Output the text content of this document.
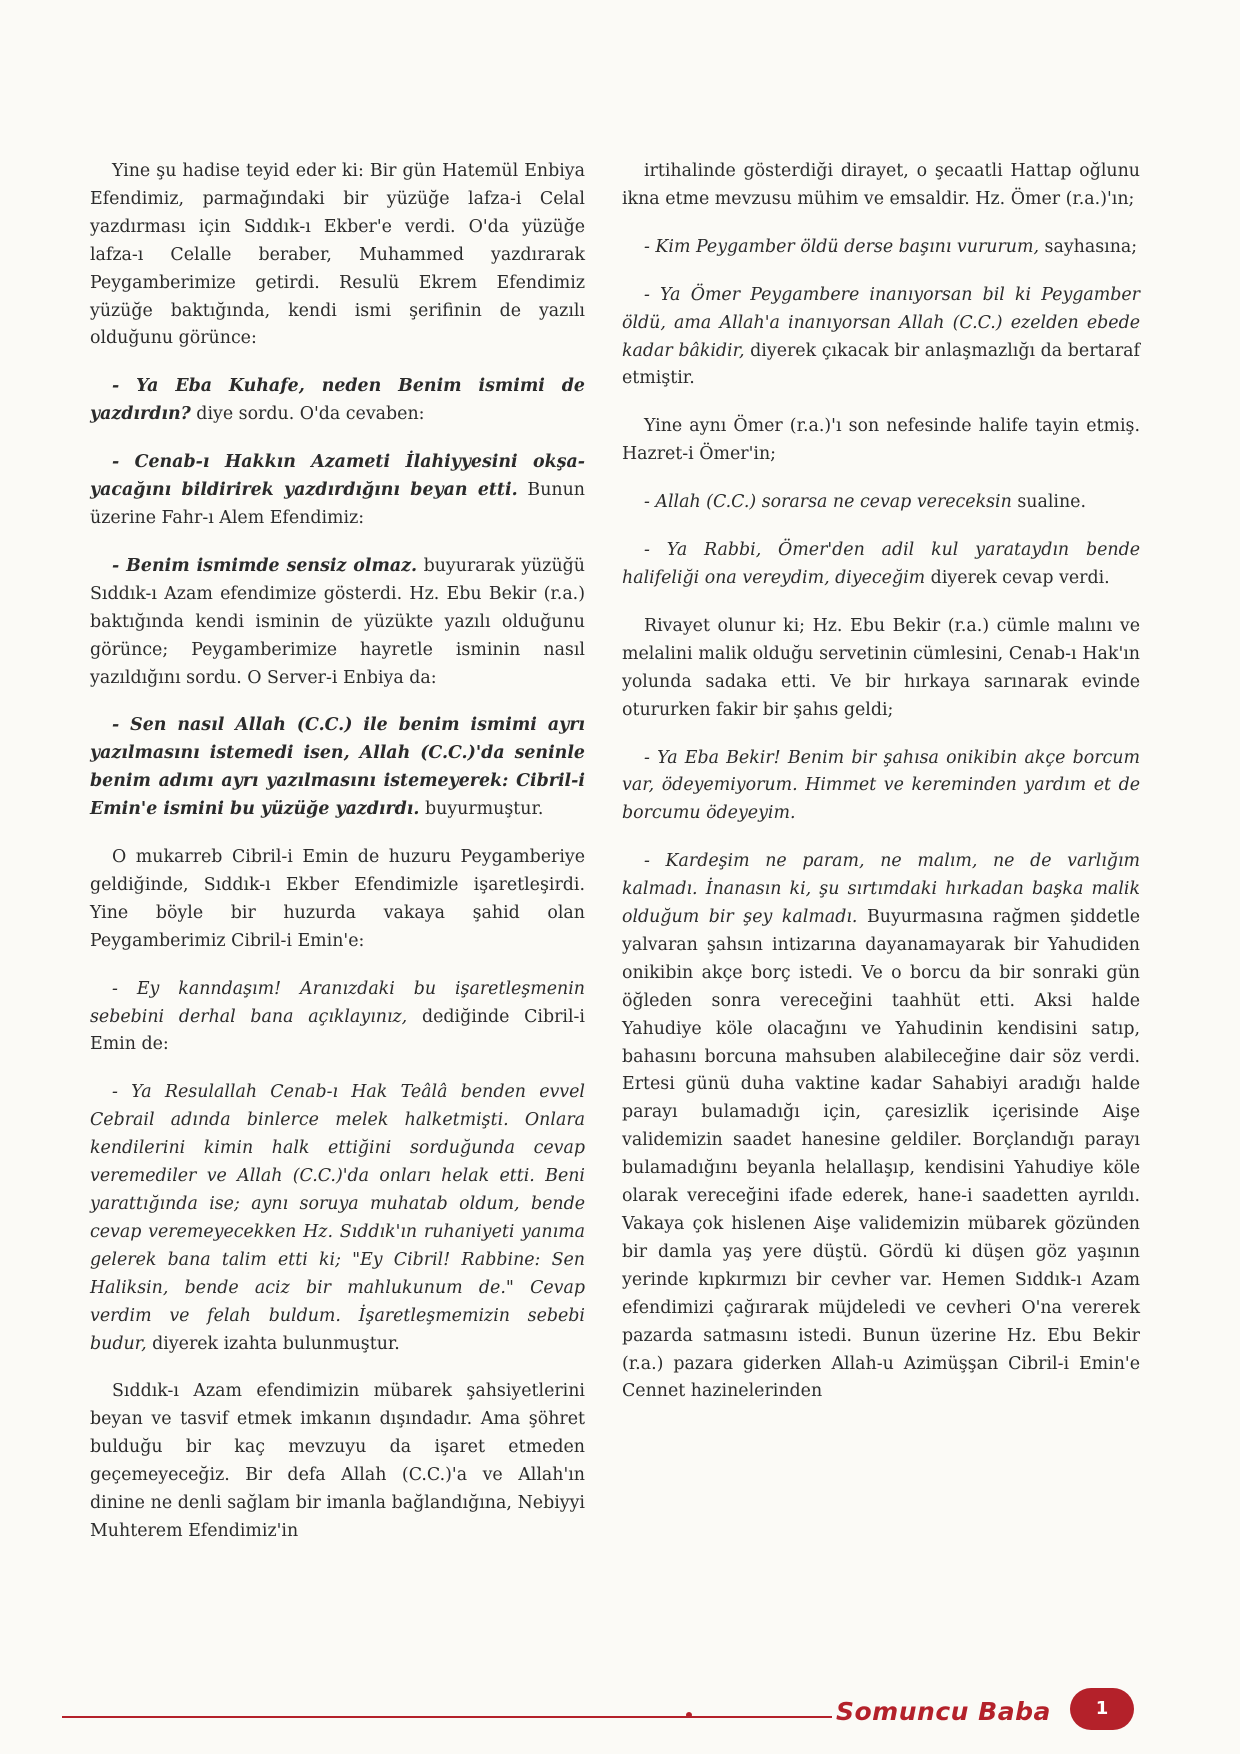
Yine şu hadise teyid eder ki: Bir gün Hatemül Enbiya Efendimiz, parmağındaki bir yüzüğe lafza-i Celal yazdırması için Sıddık-ı Ekber'e verdi. O'da yüzüğe lafza-ı Celalle beraber, Muhammed yazdırarak Peygamberimize getirdi. Resulü Ekrem Efendimiz yüzüğe baktığında, kendi ismi şerifinin de yazılı olduğunu görünce:

- Ya Eba Kuhafe, neden Benim ismimi de yazdırdın? diye sordu. O'da cevaben:

- Cenab-ı Hakkın Azameti İlahiyyesini okşa-yacağını bildirirek yazdırdığını beyan etti. Bunun üzerine Fahr-ı Alem Efendimiz:

- Benim ismimde sensiz olmaz. buyurarak yüzüğü Sıddık-ı Azam efendimize gösterdi. Hz. Ebu Bekir (r.a.) baktığında kendi isminin de yüzükte yazılı olduğunu görünce; Peygamberimize hayretle isminin nasıl yazıldığını sordu. O Server-i Enbiya da:

- Sen nasıl Allah (C.C.) ile benim ismimi ayrı yazılmasını istemedi isen, Allah (C.C.)'da seninle benim adımı ayrı yazılmasını istemeyerek: Cibril-i Emin'e ismini bu yüzüğe yazdırdı. buyurmuştur.

O mukarreb Cibril-i Emin de huzuru Peygamberiye geldiğinde, Sıddık-ı Ekber Efendimizle işaretleşirdi. Yine böyle bir huzurda vakaya şahid olan Peygamberimiz Cibril-i Emin'e:

- Ey kanndaşım! Aranızdaki bu işaretleşmenin sebebini derhal bana açıklayınız, dediğinde Cibril-i Emin de:

- Ya Resulallah Cenab-ı Hak Teâlâ benden evvel Cebrail adında binlerce melek halketmişti. Onlara kendilerini kimin halk ettiğini sorduğunda cevap veremediler ve Allah (C.C.)'da onları helak etti. Beni yarattığında ise; aynı soruya muhatab oldum, bende cevap veremeyecekken Hz. Sıddık'ın ruhaniyeti yanıma gelerek bana talim etti ki; "Ey Cibril! Rabbine: Sen Haliksin, bende aciz bir mahlukunum de." Cevap verdim ve felah buldum. İşaretleşmemizin sebebi budur, diyerek izahta bulunmuştur.

Sıddık-ı Azam efendimizin mübarek şahsiyetlerini beyan ve tasvif etmek imkanın dışındadır. Ama şöhret bulduğu bir kaç mevzuyu da işaret etmeden geçemeyeceğiz. Bir defa Allah (C.C.)'a ve Allah'ın dinine ne denli sağlam bir imanla bağlandığına, Nebiyyi Muhterem Efendimiz'in

irtihalinde gösterdiği dirayet, o şecaatli Hattap oğlunu ikna etme mevzusu mühim ve emsaldir. Hz. Ömer (r.a.)'ın;

- Kim Peygamber öldü derse başını vururum, sayhasına;

- Ya Ömer Peygambere inanıyorsan bil ki Peygamber öldü, ama Allah'a inanıyorsan Allah (C.C.) ezelden ebede kadar bâkidir, diyerek çıkacak bir anlaşmazlığı da bertaraf etmiştir.

Yine aynı Ömer (r.a.)'ı son nefesinde halife tayin etmiş. Hazret-i Ömer'in;

- Allah (C.C.) sorarsa ne cevap vereceksin sualine.

- Ya Rabbi, Ömer'den adil kul yarataydın bende halifeliği ona vereydim, diyeceğim diyerek cevap verdi.

Rivayet olunur ki; Hz. Ebu Bekir (r.a.) cümle malını ve melalini malik olduğu servetinin cümlesini, Cenab-ı Hak'ın yolunda sadaka etti. Ve bir hırkaya sarınarak evinde otururken fakir bir şahıs geldi;

- Ya Eba Bekir! Benim bir şahısa onikibin akçe borcum var, ödeyemiyorum. Himmet ve kereminden yardım et de borcumu ödeyeyim.

- Kardeşim ne param, ne malım, ne de varlığım kalmadı. İnanasın ki, şu sırtımdaki hırkadan başka malik olduğum bir şey kalmadı. Buyurmasına rağmen şiddetle yalvaran şahsın intizarına dayanamayarak bir Yahudiden onikibin akçe borç istedi. Ve o borcu da bir sonraki gün öğleden sonra vereceğini taahhüt etti. Aksi halde Yahudiye köle olacağını ve Yahudinin kendisini satıp, bahasını borcuna mahsuben alabileceğine dair söz verdi. Ertesi günü duha vaktine kadar Sahabiyi aradığı halde parayı bulamadığı için, çaresizlik içerisinde Aişe validemizin saadet hanesine geldiler. Borçlandığı parayı bulamadığını beyanla helallaşıp, kendisini Yahudiye köle olarak vereceğini ifade ederek, hane-i saadetten ayrıldı. Vakaya çok hislenen Aişe validemizin mübarek gözünden bir damla yaş yere düştü. Gördü ki düşen göz yaşının yerinde kıpkırmızı bir cevher var. Hemen Sıddık-ı Azam efendimizi çağırarak müjdeledi ve cevheri O'na vererek pazarda satmasını istedi. Bunun üzerine Hz. Ebu Bekir (r.a.) pazara giderken Allah-u Azimüşşan Cibril-i Emin'e Cennet hazinelerinden

Somuncu Baba	1
